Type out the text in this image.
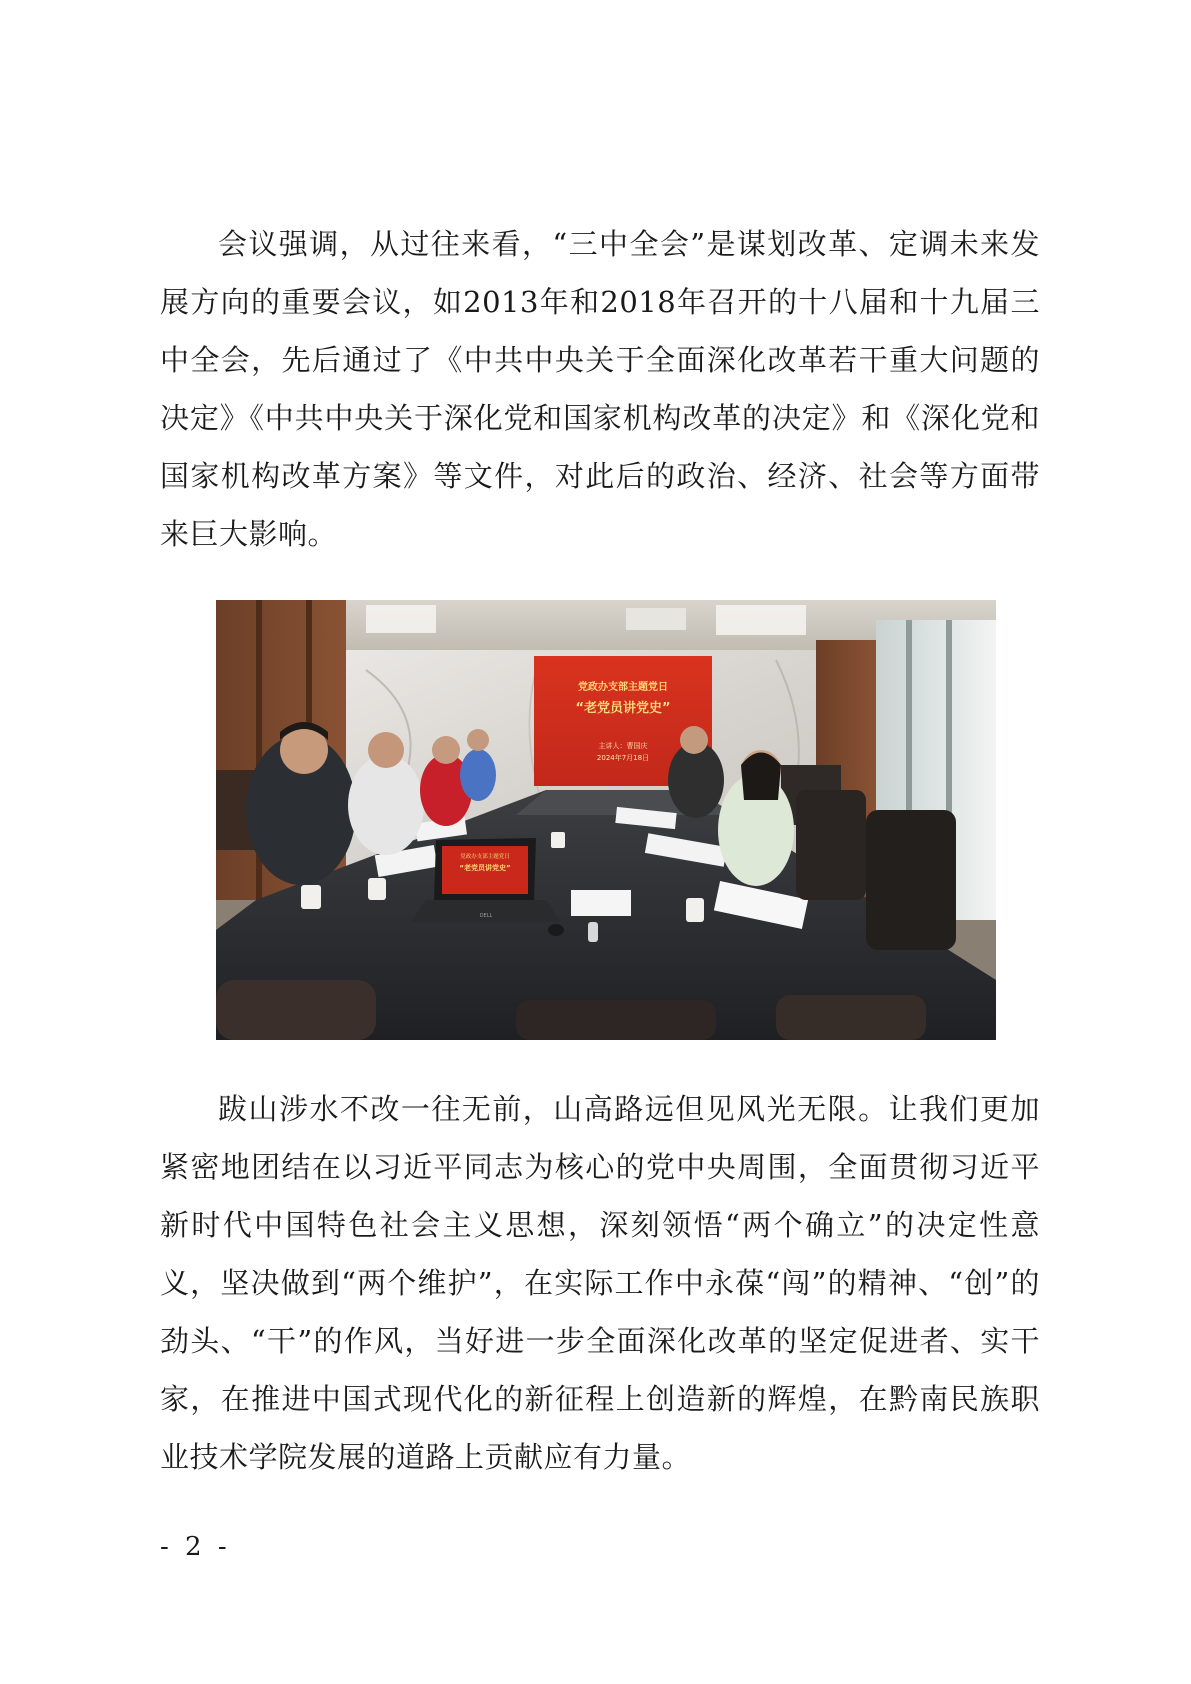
会议强调，从过往来看，“三中全会”是谋划改革、定调未来发展方向的重要会议，如2013年和2018年召开的十八届和十九届三中全会，先后通过了《中共中央关于全面深化改革若干重大问题的决定》《中共中央关于深化党和国家机构改革的决定》和《深化党和国家机构改革方案》等文件，对此后的政治、经济、社会等方面带来巨大影响。

党政办支部主题党日
“老党员讲党史”
主讲人：曹国庆
2024年7月18日
党政办支部主题党日
“老党员讲党史”
DELL

跋山涉水不改一往无前，山高路远但见风光无限。让我们更加紧密地团结在以习近平同志为核心的党中央周围，全面贯彻习近平新时代中国特色社会主义思想，深刻领悟“两个确立”的决定性意义，坚决做到“两个维护”，在实际工作中永葆“闯”的精神、“创”的劲头、“干”的作风，当好进一步全面深化改革的坚定促进者、实干家，在推进中国式现代化的新征程上创造新的辉煌，在黔南民族职业技术学院发展的道路上贡献应有力量。

- 2 -
